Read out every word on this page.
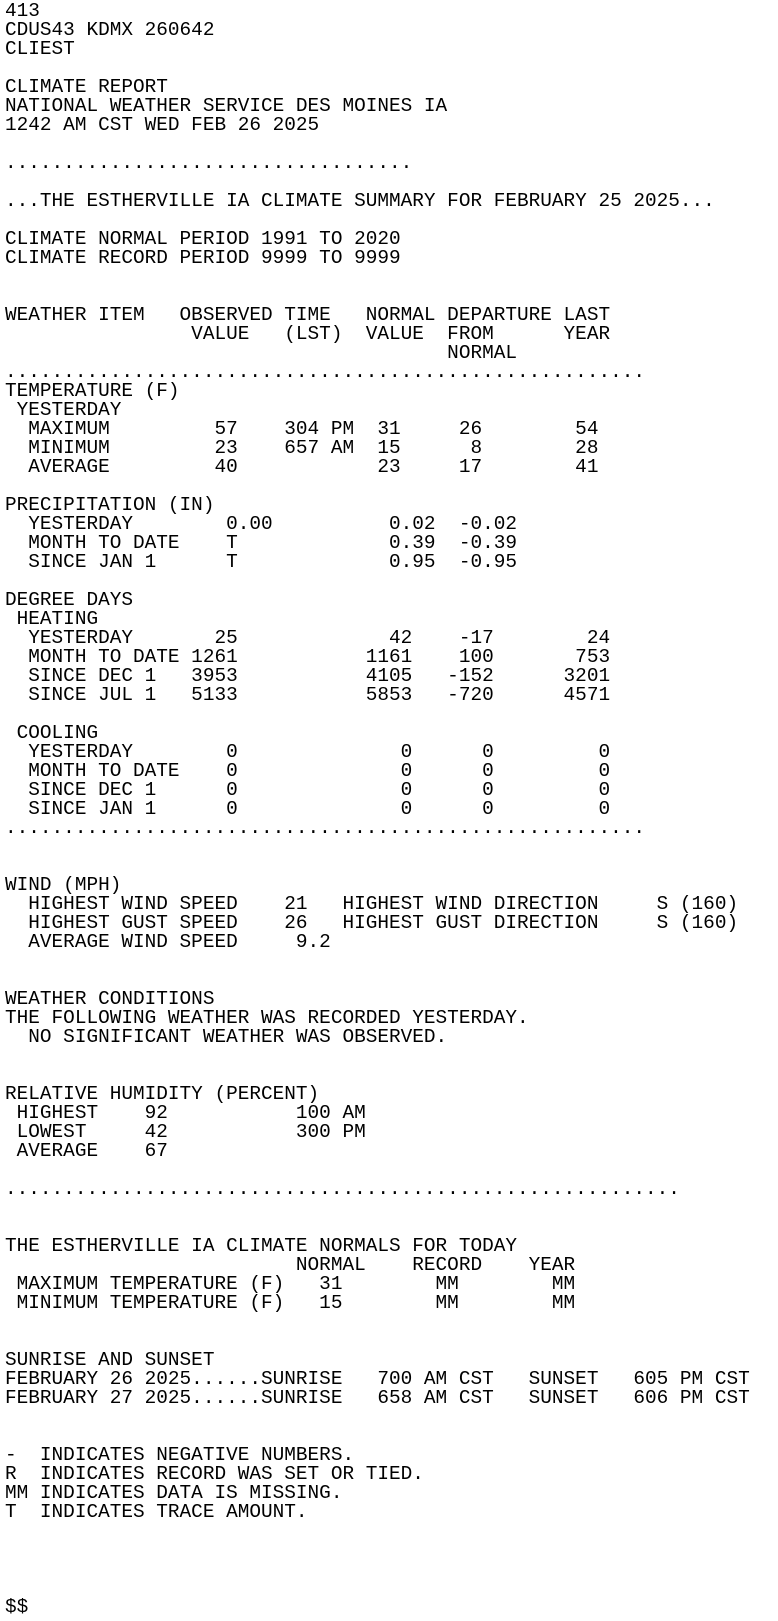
413
CDUS43 KDMX 260642
CLIEST
CLIMATE REPORT
NATIONAL WEATHER SERVICE DES MOINES IA
1242 AM CST WED FEB 26 2025
...................................
...THE ESTHERVILLE IA CLIMATE SUMMARY FOR FEBRUARY 25 2025...
CLIMATE NORMAL PERIOD 1991 TO 2020
CLIMATE RECORD PERIOD 9999 TO 9999
WEATHER ITEM   OBSERVED TIME   NORMAL DEPARTURE LAST
VALUE   (LST)  VALUE  FROM      YEAR
NORMAL
.......................................................
TEMPERATURE (F)
YESTERDAY
MAXIMUM         57    304 PM  31     26        54
MINIMUM         23    657 AM  15      8        28
AVERAGE         40            23     17        41
PRECIPITATION (IN)
YESTERDAY        0.00          0.02  -0.02
MONTH TO DATE    T             0.39  -0.39
SINCE JAN 1      T             0.95  -0.95
DEGREE DAYS
HEATING
YESTERDAY       25             42    -17        24
MONTH TO DATE 1261           1161    100       753
SINCE DEC 1   3953           4105   -152      3201
SINCE JUL 1   5133           5853   -720      4571
COOLING
YESTERDAY        0              0      0         0
MONTH TO DATE    0              0      0         0
SINCE DEC 1      0              0      0         0
SINCE JAN 1      0              0      0         0
.......................................................
WIND (MPH)
HIGHEST WIND SPEED    21   HIGHEST WIND DIRECTION     S (160)
HIGHEST GUST SPEED    26   HIGHEST GUST DIRECTION     S (160)
AVERAGE WIND SPEED     9.2
WEATHER CONDITIONS
THE FOLLOWING WEATHER WAS RECORDED YESTERDAY.
NO SIGNIFICANT WEATHER WAS OBSERVED.
RELATIVE HUMIDITY (PERCENT)
HIGHEST    92           100 AM
LOWEST     42           300 PM
AVERAGE    67
..........................................................
THE ESTHERVILLE IA CLIMATE NORMALS FOR TODAY
NORMAL    RECORD    YEAR
MAXIMUM TEMPERATURE (F)   31        MM        MM
MINIMUM TEMPERATURE (F)   15        MM        MM
SUNRISE AND SUNSET
FEBRUARY 26 2025......SUNRISE   700 AM CST   SUNSET   605 PM CST
FEBRUARY 27 2025......SUNRISE   658 AM CST   SUNSET   606 PM CST
-  INDICATES NEGATIVE NUMBERS.
R  INDICATES RECORD WAS SET OR TIED.
MM INDICATES DATA IS MISSING.
T  INDICATES TRACE AMOUNT.
$$
